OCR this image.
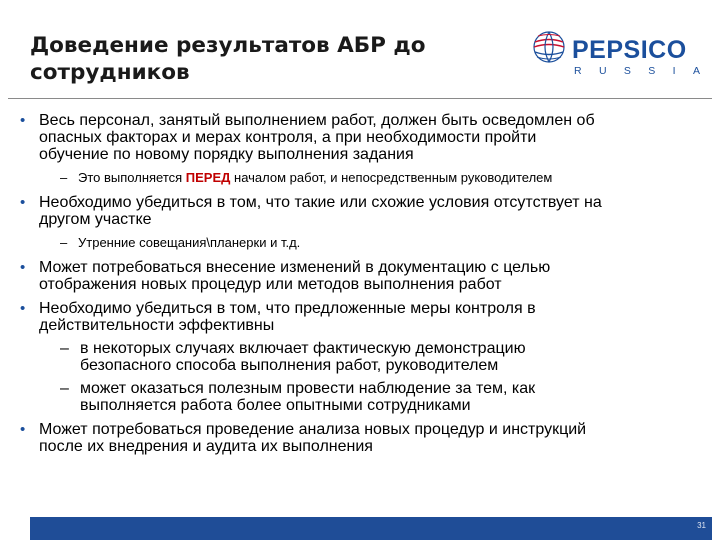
Доведение результатов АБР до
сотрудников
PEPSICO
R U S S I A
• Весь персонал, занятый выполнением работ, должен быть осведомлен об
опасных факторах и мерах контроля, а при необходимости пройти
обучение по новому порядку выполнения задания
– Это выполняется ПЕРЕД началом работ, и непосредственным руководителем
• Необходимо убедиться в том, что такие или схожие условия отсутствует на
другом участке
– Утренние совещания\планерки и т.д.
• Может потребоваться внесение изменений в документацию с целью
отображения новых процедур или методов выполнения работ
• Необходимо убедиться в том, что предложенные меры контроля в
действительности эффективны
– в некоторых случаях включает фактическую демонстрацию
безопасного способа выполнения работ, руководителем
– может оказаться полезным провести наблюдение за тем, как
выполняется работа более опытными сотрудниками
• Может потребоваться проведение анализа новых процедур и инструкций
после их внедрения и аудита их выполнения
31
